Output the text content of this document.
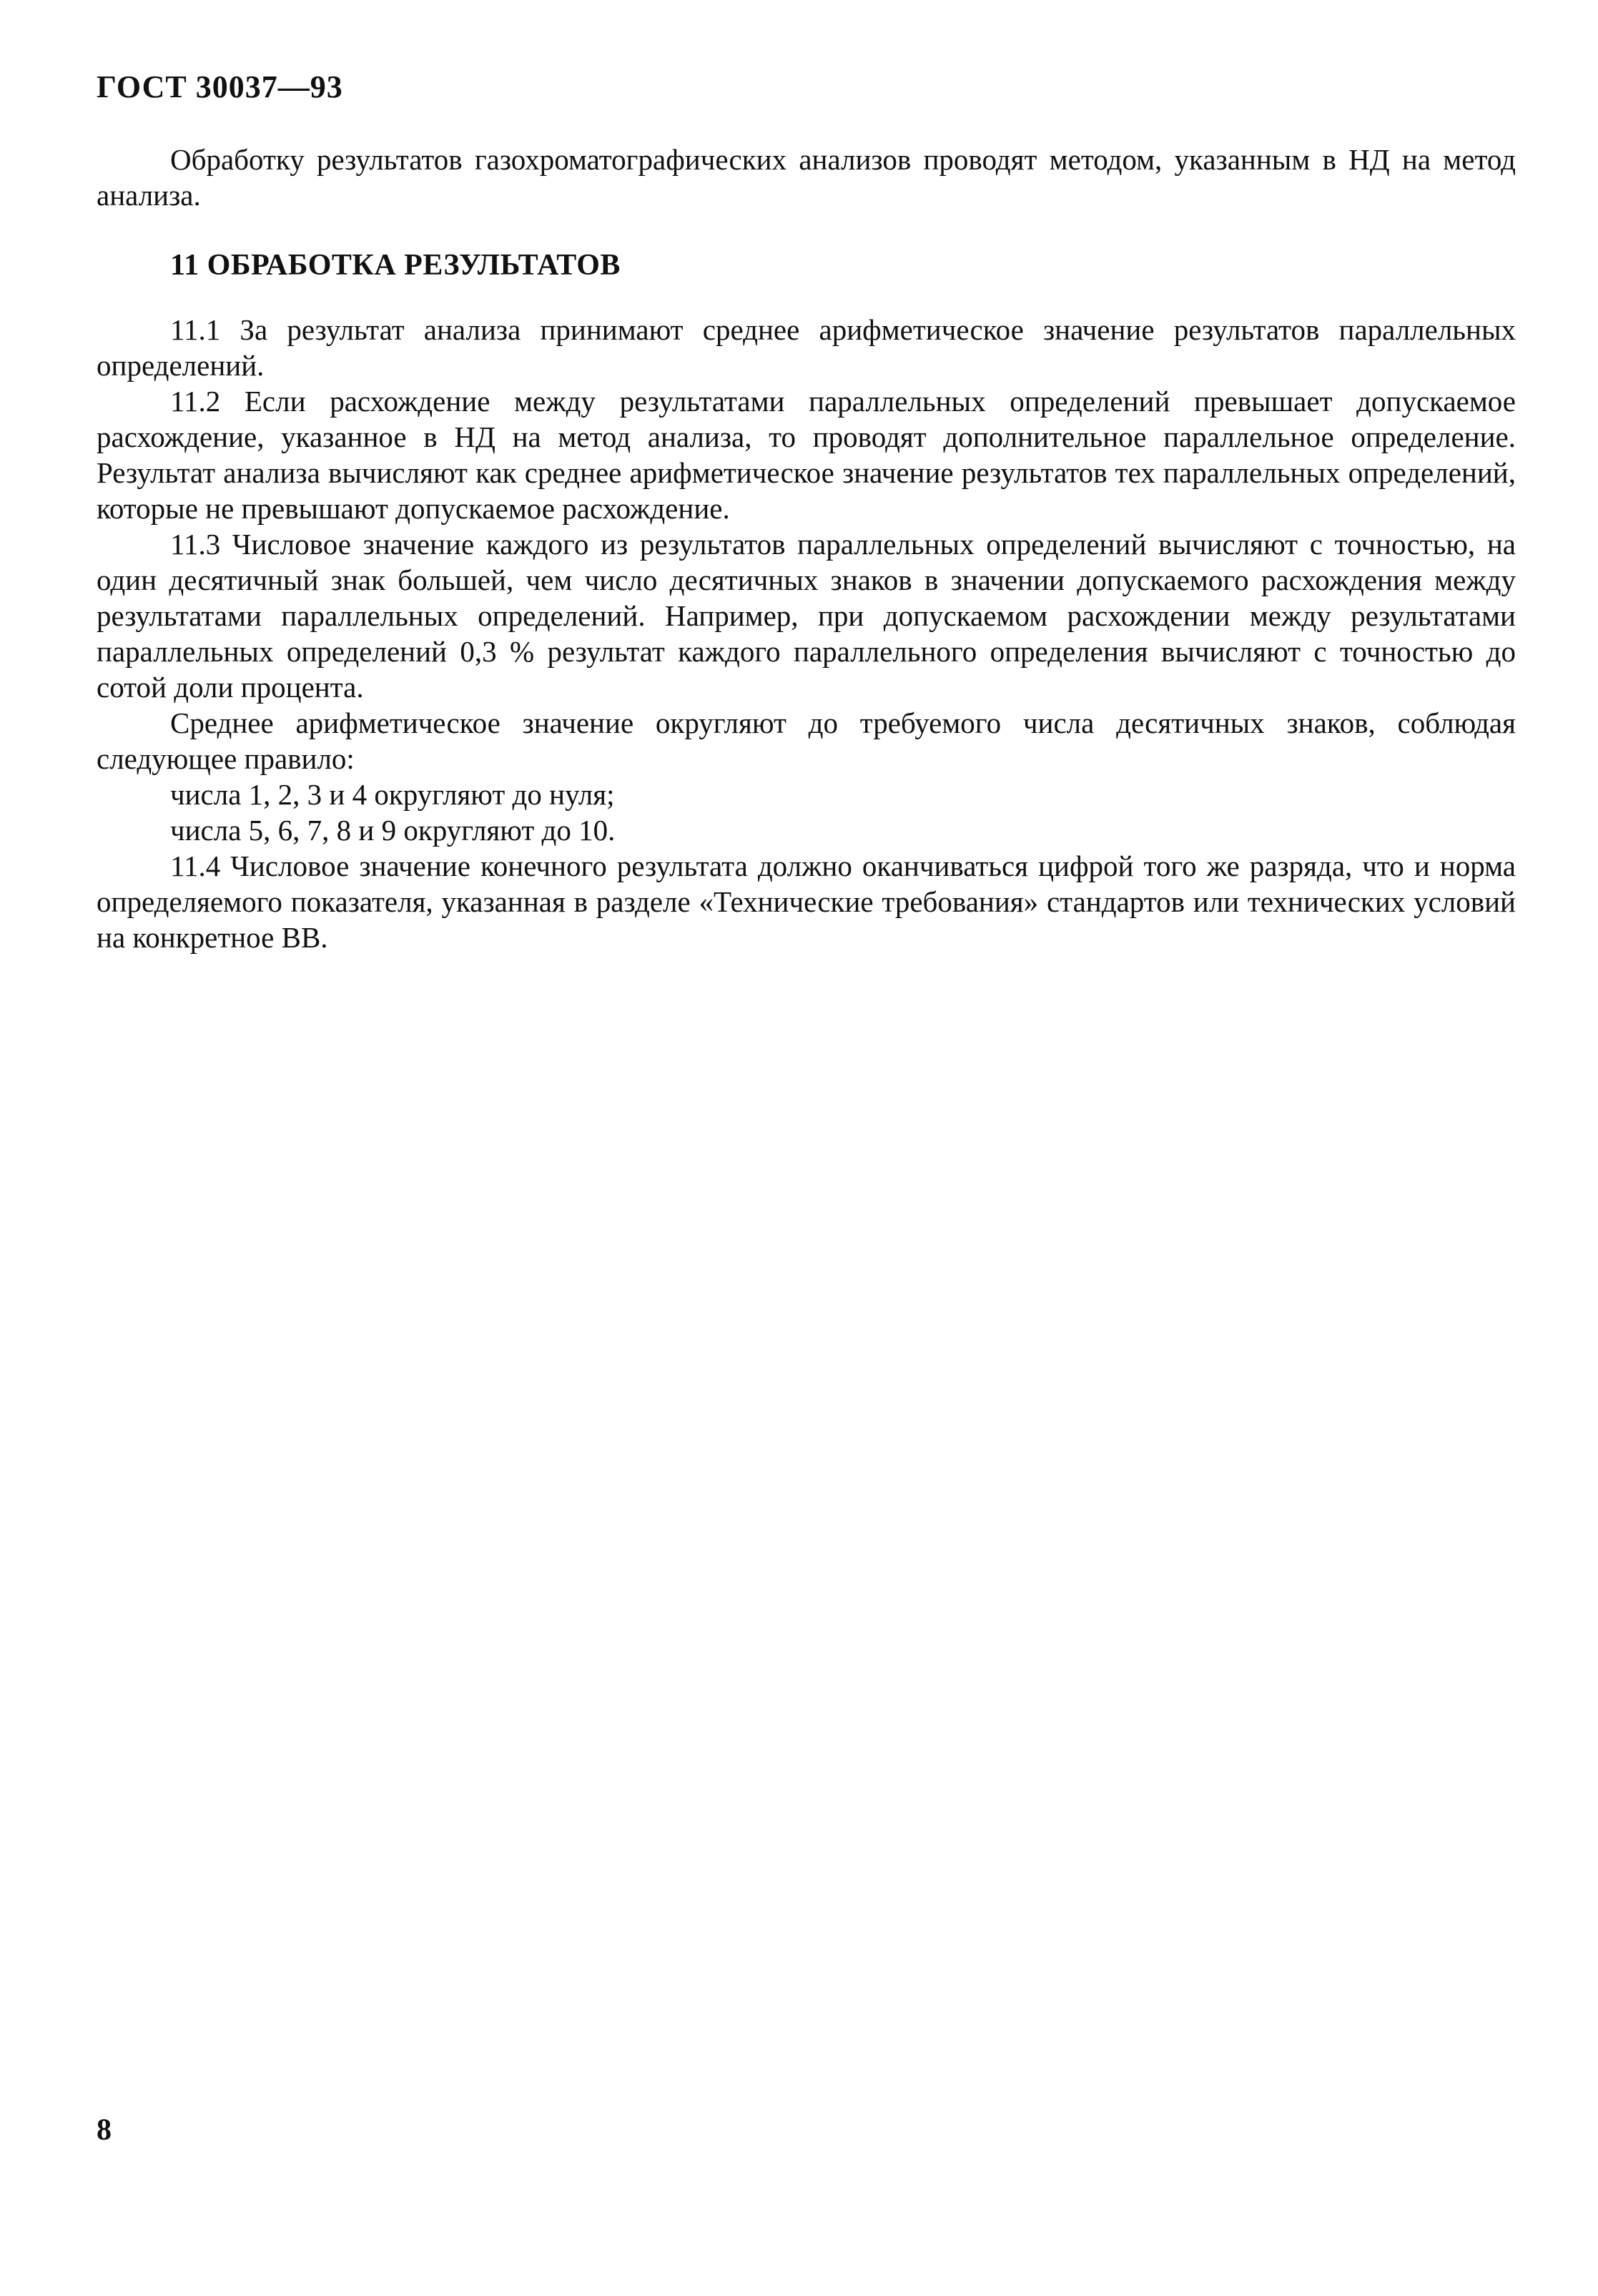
ГОСТ 30037—93

Обработку результатов газохроматографических анализов проводят методом, указанным в НД на метод анализа.

11 ОБРАБОТКА РЕЗУЛЬТАТОВ

11.1 За результат анализа принимают среднее арифметическое значение результатов параллельных определений.

11.2 Если расхождение между результатами параллельных определений превышает допускаемое расхождение, указанное в НД на метод анализа, то проводят дополнительное параллельное определение. Результат анализа вычисляют как среднее арифметическое значение результатов тех параллельных определений, которые не превышают допускаемое расхождение.

11.3 Числовое значение каждого из результатов параллельных определений вычисляют с точностью, на один десятичный знак большей, чем число десятичных знаков в значении допускаемого расхождения между результатами параллельных определений. Например, при допускаемом расхождении между результатами параллельных определений 0,3 % результат каждого параллельного определения вычисляют с точностью до сотой доли процента.

Среднее арифметическое значение округляют до требуемого числа десятичных знаков, соблюдая следующее правило:

числа 1, 2, 3 и 4 округляют до нуля;

числа 5, 6, 7, 8 и 9 округляют до 10.

11.4 Числовое значение конечного результата должно оканчиваться цифрой того же разряда, что и норма определяемого показателя, указанная в разделе «Технические требования» стандартов или технических условий на конкретное ВВ.

8
